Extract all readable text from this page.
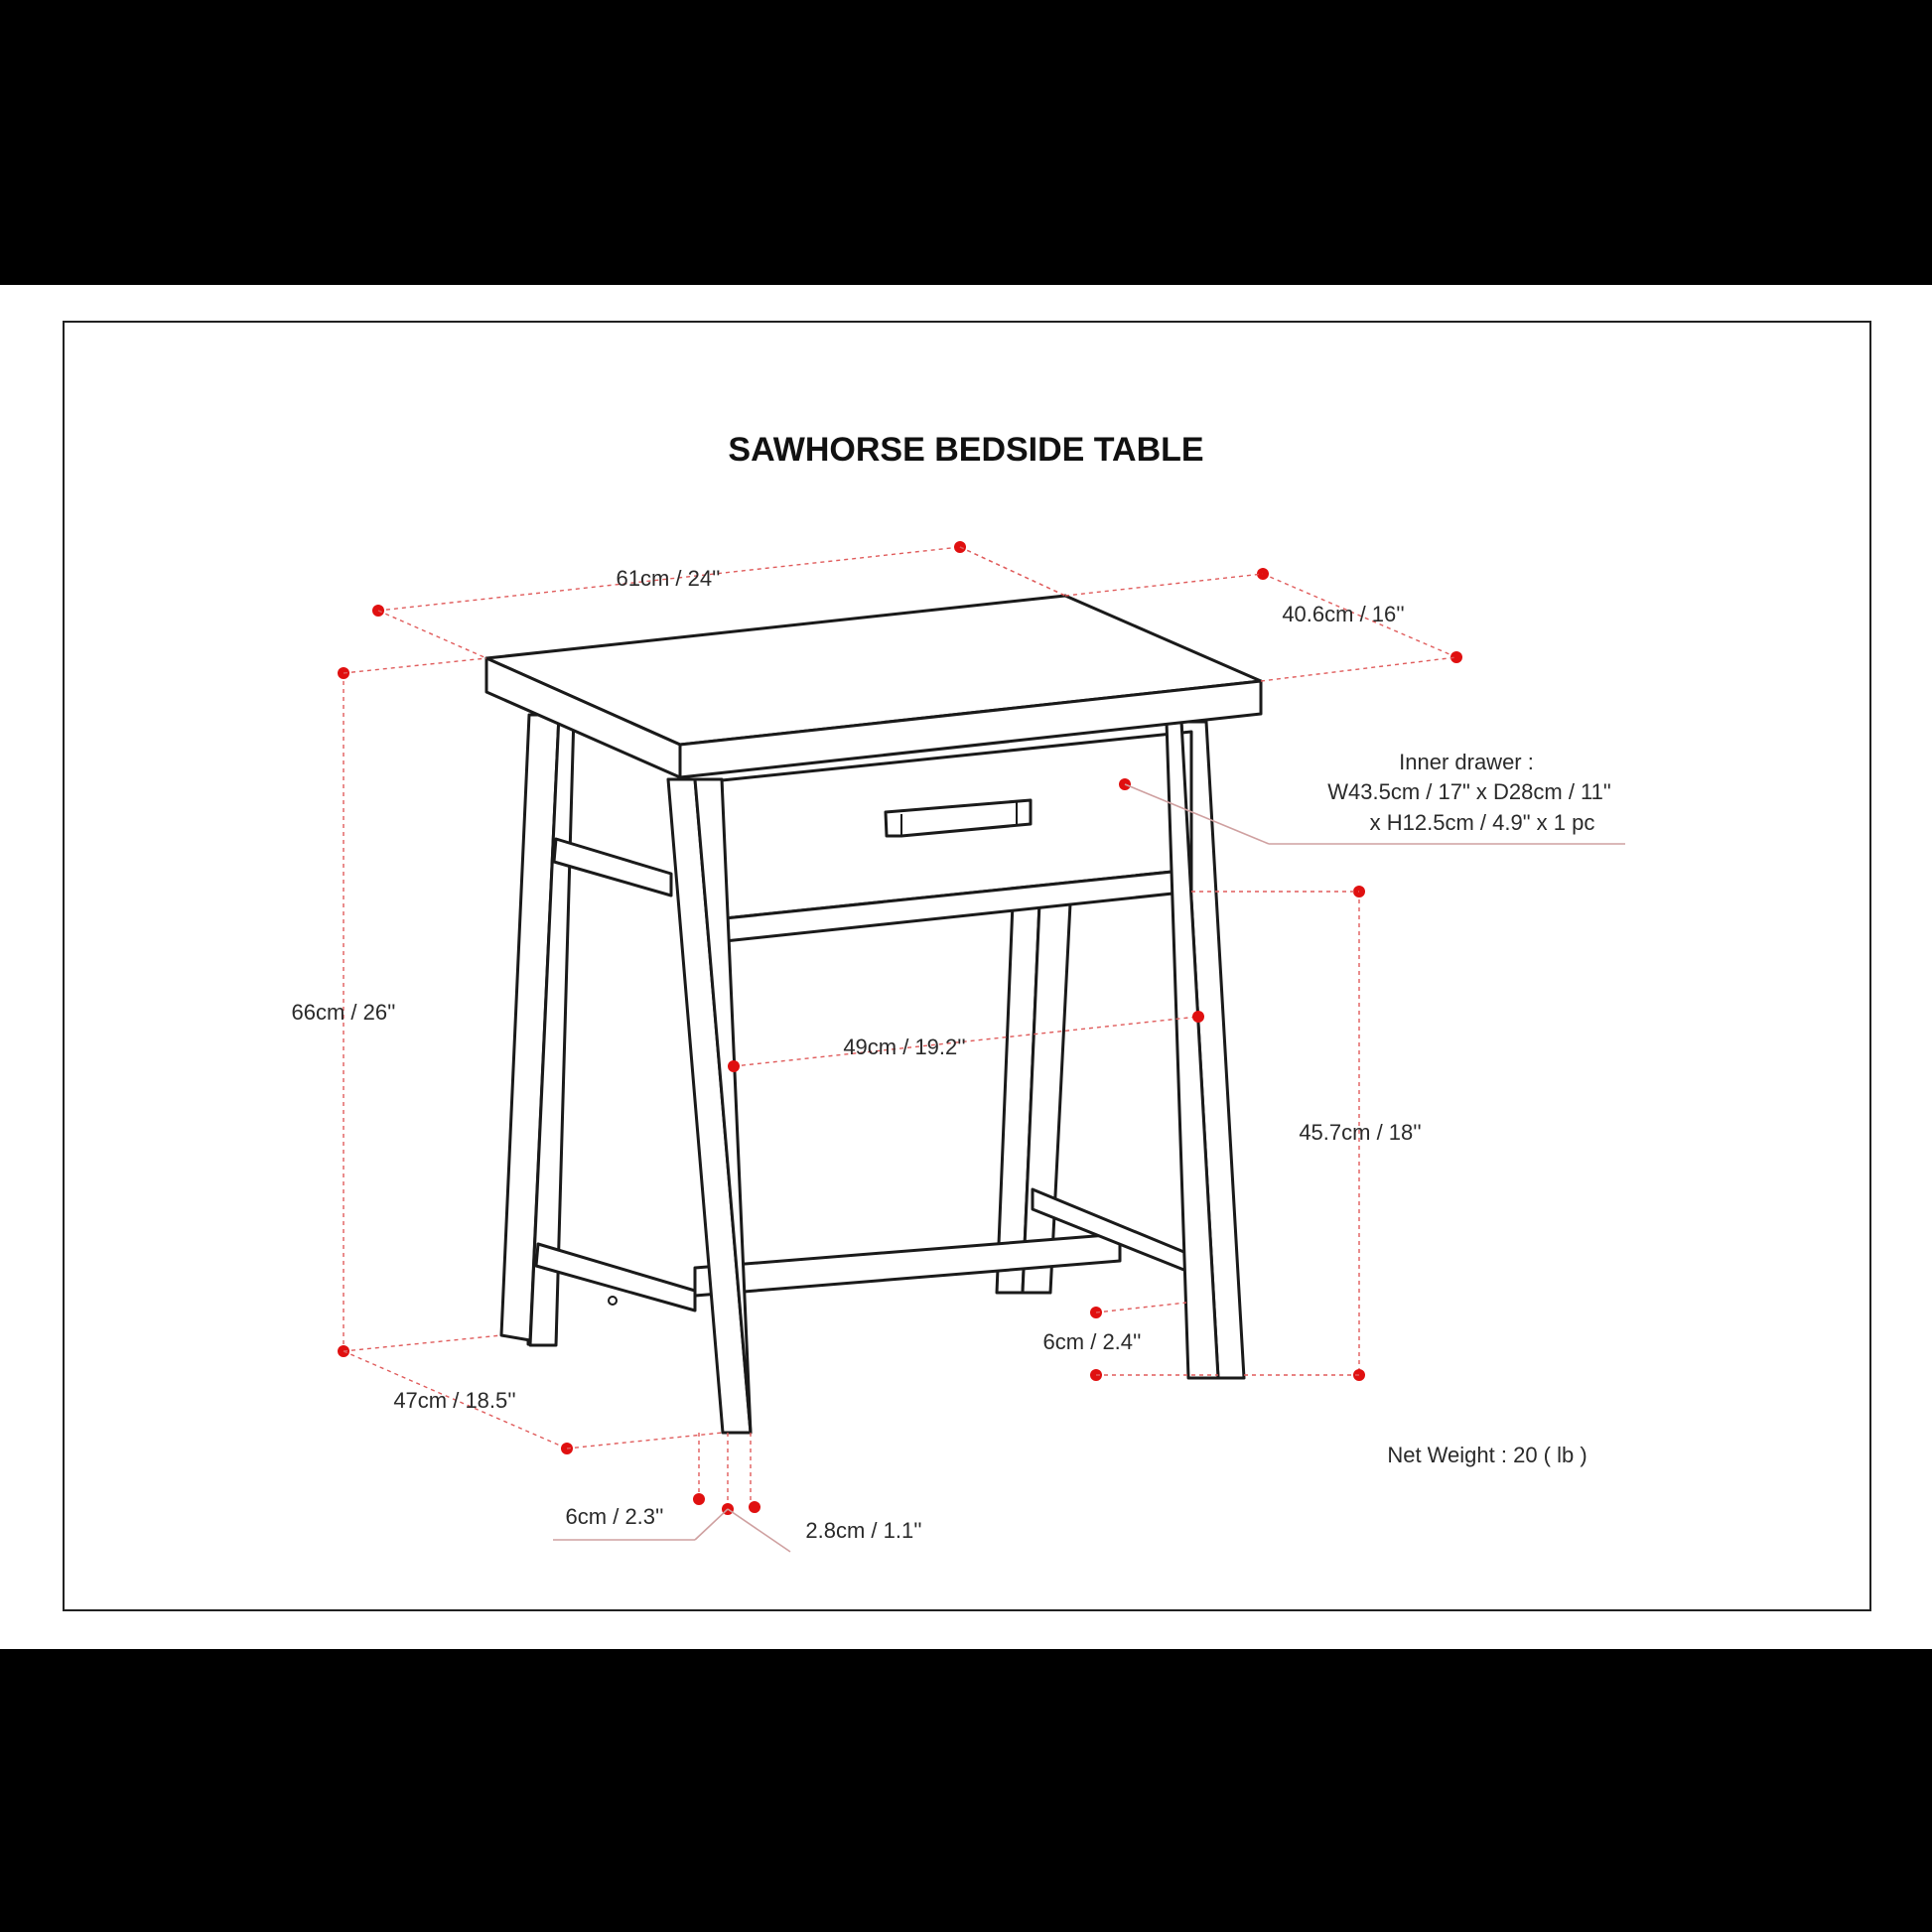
SAWHORSE BEDSIDE TABLE
61cm / 24''
40.6cm / 16''
66cm / 26''
47cm / 18.5''
49cm / 19.2''
45.7cm / 18''
6cm / 2.4''
6cm / 2.3''
2.8cm / 1.1''
Inner drawer :
W43.5cm / 17" x D28cm / 11"
x H12.5cm / 4.9" x 1 pc
Net Weight : 20 ( lb )
